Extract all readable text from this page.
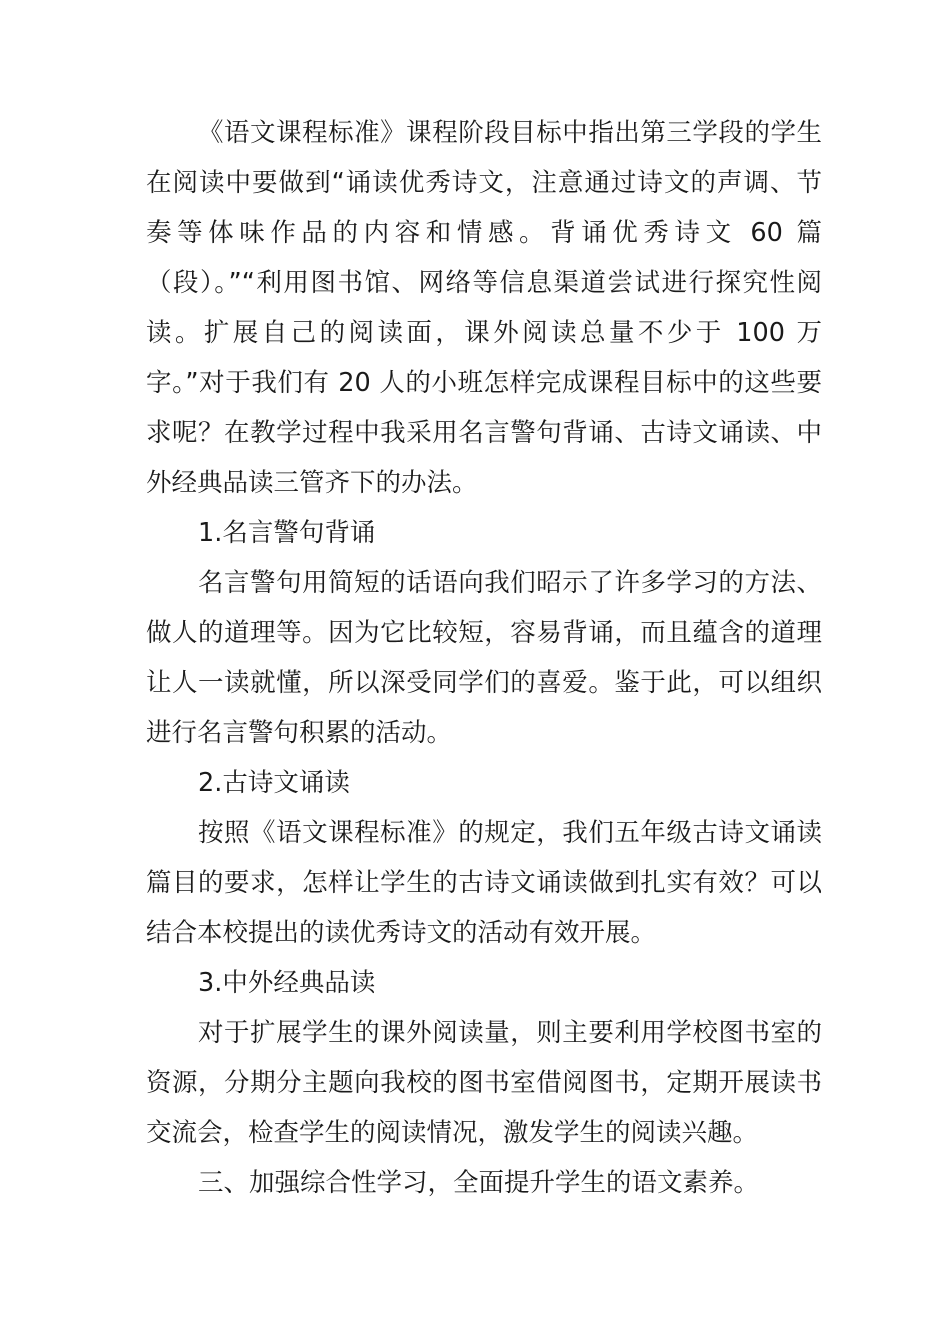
《语文课程标准》课程阶段目标中指出第三学段的学生在阅读中要做到“诵读优秀诗文，注意通过诗文的声调、节奏等体味作品的内容和情感。背诵优秀诗文 60 篇（段）。”“利用图书馆、网络等信息渠道尝试进行探究性阅读。扩展自己的阅读面，课外阅读总量不少于 100 万字。”对于我们有 20 人的小班怎样完成课程目标中的这些要求呢？在教学过程中我采用名言警句背诵、古诗文诵读、中外经典品读三管齐下的办法。

1.名言警句背诵

名言警句用简短的话语向我们昭示了许多学习的方法、做人的道理等。因为它比较短，容易背诵，而且蕴含的道理让人一读就懂，所以深受同学们的喜爱。鉴于此，可以组织进行名言警句积累的活动。

2.古诗文诵读

按照《语文课程标准》的规定，我们五年级古诗文诵读篇目的要求，怎样让学生的古诗文诵读做到扎实有效？可以结合本校提出的读优秀诗文的活动有效开展。

3.中外经典品读

对于扩展学生的课外阅读量，则主要利用学校图书室的资源，分期分主题向我校的图书室借阅图书，定期开展读书交流会，检查学生的阅读情况，激发学生的阅读兴趣。

三、加强综合性学习，全面提升学生的语文素养。
